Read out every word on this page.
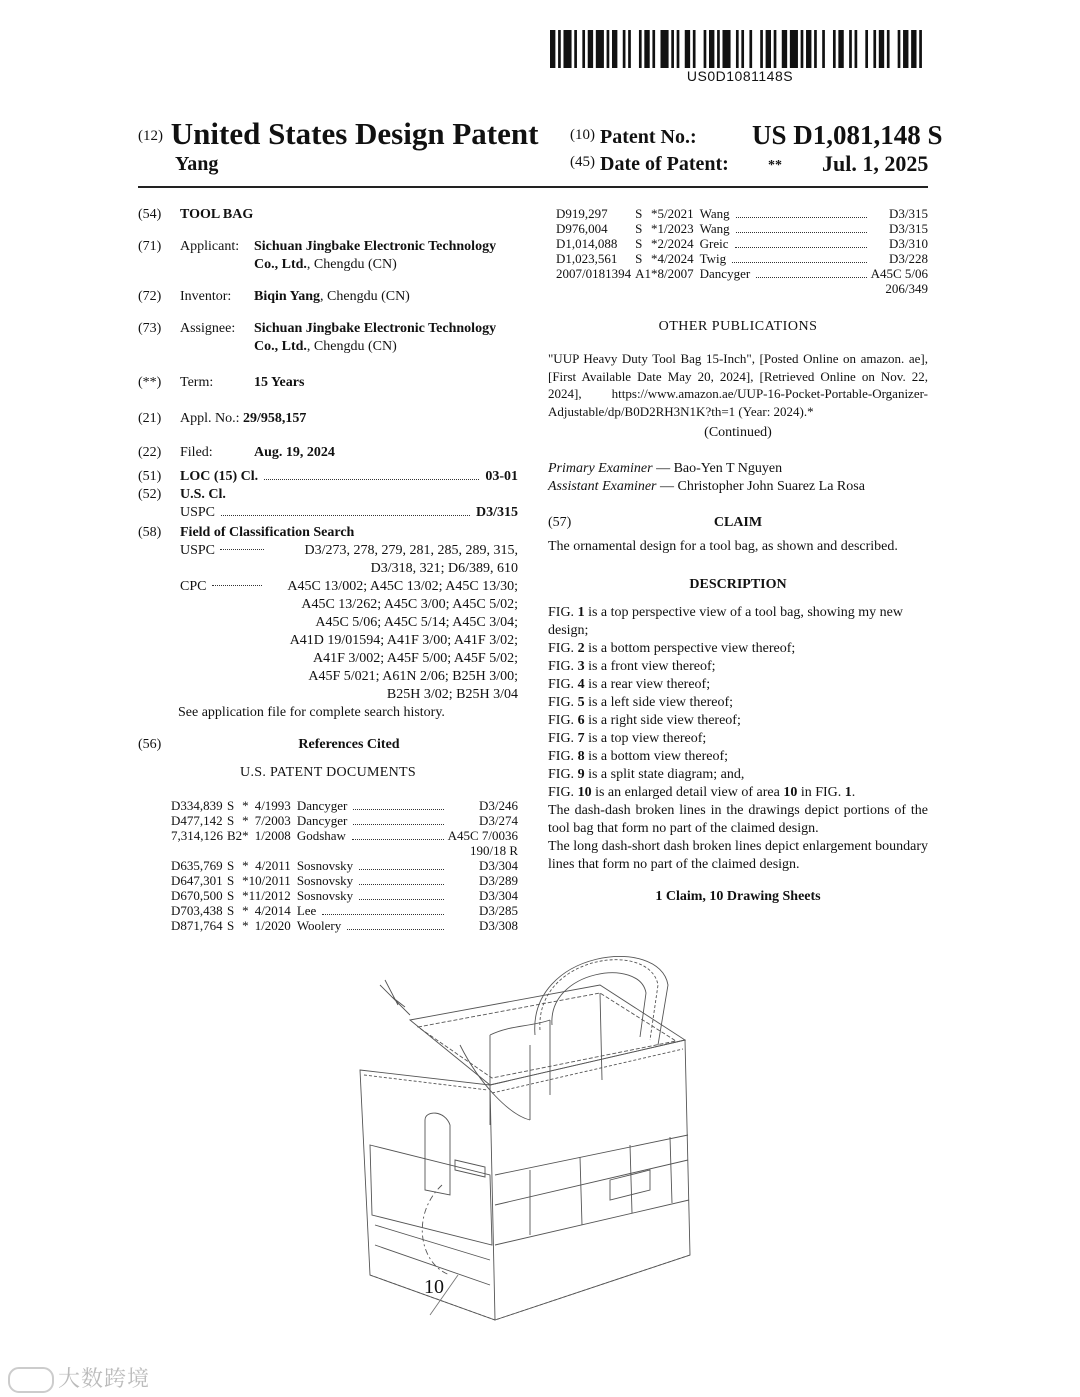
US0D1081148S
(12) United States Design Patent
Yang
$^{(10)}$ Patent No.: US D1,081,148 S
$^{(45)}$ Date of Patent:	** Jul. 1, 2025
(54)	TOOL BAG
(71)	Applicant: Sichuan Jingbake Electronic Technology Co., Ltd., Chengdu (CN)
(72)	Inventor: Biqin Yang, Chengdu (CN)
(73)	Assignee: Sichuan Jingbake Electronic Technology Co., Ltd., Chengdu (CN)
(**)	Term:	15 Years
(21)	Appl. No.: 29/958,157
(22)	Filed:	Aug. 19, 2024
(51)	LOC (15) Cl.	03-01
(52)	U.S. Cl.
USPC	D3/315
(58)	Field of Classification Search
USPC	D3/273, 278, 279, 281, 285, 289, 315,
D3/318, 321; D6/389, 610
CPC	A45C 13/002; A45C 13/02; A45C 13/30;
A45C 13/262; A45C 3/00; A45C 5/02;
A45C 5/06; A45C 5/14; A45C 3/04;
A41D 19/01594; A41F 3/00; A41F 3/02;
A41F 3/002; A45F 5/00; A45F 5/02;
A45F 5/021; A61N 2/06; B25H 3/00;
B25H 3/02; B25H 3/04
See application file for complete search history.
(56)	References Cited
U.S. PATENT DOCUMENTS
D334,839	S	*	4/1993	Dancyger	D3/246
D477,142	S	*	7/2003	Dancyger	D3/274
7,314,126	B2	*	1/2008	Godshaw	A45C 7/0036
190/18 R					
D635,769	S	*	4/2011	Sosnovsky	D3/304
D647,301	S	*	10/2011	Sosnovsky	D3/289
D670,500	S	*	11/2012	Sosnovsky	D3/304
D703,438	S	*	4/2014	Lee	D3/285
D871,764	S	*	1/2020	Woolery	D3/308
D919,297	S	*	5/2021	Wang	D3/315
D976,004	S	*	1/2023	Wang	D3/315
D1,014,088	S	*	2/2024	Greic	D3/310
D1,023,561	S	*	4/2024	Twig	D3/228
2007/0181394	A1	*	8/2007	Dancyger	A45C 5/06
206/349					
OTHER PUBLICATIONS
"UUP Heavy Duty Tool Bag 15-Inch", [Posted Online on amazon. ae], [First Available Date May 20, 2024], [Retrieved Online on Nov. 22, 2024], https://www.amazon.ae/UUP-16-Pocket-Portable-Organizer-Adjustable/dp/B0D2RH3N1K?th=1 (Year: 2024).*
(Continued)
Primary Examiner — Bao-Yen T Nguyen
Assistant Examiner — Christopher John Suarez La Rosa
(57)	CLAIM
The ornamental design for a tool bag, as shown and described.
DESCRIPTION
FIG. 1 is a top perspective view of a tool bag, showing my new design;
FIG. 2 is a bottom perspective view thereof;
FIG. 3 is a front view thereof;
FIG. 4 is a rear view thereof;
FIG. 5 is a left side view thereof;
FIG. 6 is a right side view thereof;
FIG. 7 is a top view thereof;
FIG. 8 is a bottom view thereof;
FIG. 9 is a split state diagram; and,
FIG. 10 is an enlarged detail view of area 10 in FIG. 1.
The dash-dash broken lines in the drawings depict portions of the tool bag that form no part of the claimed design.
The long dash-short dash broken lines depict enlargement boundary lines that form no part of the claimed design.
1 Claim, 10 Drawing Sheets
10
大数跨境
